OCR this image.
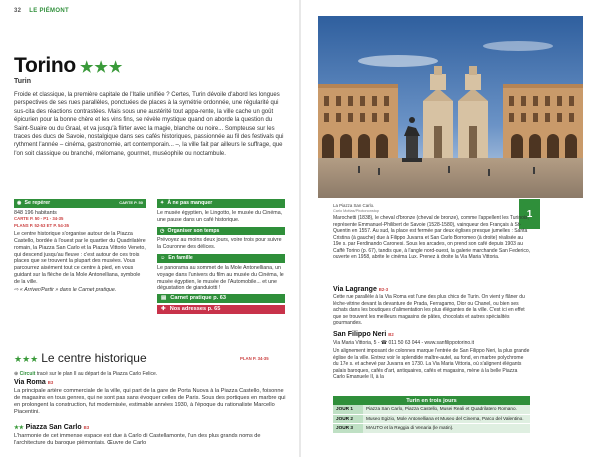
32 LE PIÉMONT
Torino ★★★
Turin
Froide et classique, la première capitale de l'Italie unifiée ? Certes, Turin dévoile d'abord les longues perspectives de ses rues parallèles, ponctuées de places à la symétrie ordonnée, une régularité qui sus-cita des réactions contrastées. Mais sous une austérité tout appa-rente, la ville cache un goût épicurien pour la bonne chère et les vins fins, se révèle mystique quand on aborde la question du Saint-Suaire ou du Graal, et va jusqu'à flirter avec la magie, blanche ou noire... Sompteuse sur les traces des ducs de Savoie, nostalgique dans ses cafés historiques, passionnée au fil des festivals qui rythment l'année – cinéma, gastronomie, art contemporain... –, la ville fait par ailleurs le suffrage, que l'on soit classique ou branché, mélomane, gourmet, muséophile ou noctambule.
◉ Se repérer	CARTE P. 50
848 196 habitants
CARTE P. 50 - P1 - 34-35
PLANS P. 52-53 ET P. 54-35
Le centre historique s'organise autour de la Piazza Castello, bordée à l'ouest par le quartier du Quadrilatère romain, la Piazza San Carlo et la Piazza Vittorio Veneto, qui descend jusqu'au fleuve : c'est autour de ces trois places que se trouvent la plupart des musées. Vous parcourrez aisément tout ce centre à pied, en vous guidant sur la flèche de la Mole Antonelliana, symbole de la ville.
⇨ « Arriver/Partir » dans le Carnet pratique.
✦ À ne pas manquer
Le musée égyptien, le Lingotto, le musée du Cinéma, une pause dans un café historique.
◷ Organiser son temps
Prévoyez au moins deux jours, voire trois pour suivre la Couronne des délices.
☺ En famille
Le panorama au sommet de la Mole Antonelliana, un voyage dans l'univers du film au musée du Cinéma, le musée égyptien, le musée de l'Automobile... et une dégustation de gianduiotti !
▤ Carnet pratique p. 63
✚ Nos adresses p. 65
★★★ Le centre historique	PLAN P. 34-35
⊕ Circuit tracé sur le plan II au départ de la Piazza Carlo Felice.
Via Roma B3
La principale artère commerciale de la ville, qui part de la gare de Porta Nuova à la Piazza Castello, foisonne de magasins en tous genres, qui ne sont pas sans évoquer celles de Paris. Sous des portiques en marbre qui en prolongent la construction, fut modernisée, estimable années 1930, à l'époque du rationaliste Marcello Piacentini.
★★ Piazza San Carlo B3
L'harmonie de cet immense espace est due à Carlo di Castellamonte, l'un des plus grands noms de l'architecture du baroque piémontais. Œuvre de Carlo
La Piazza San Carlo.
Carlo Mottas/Photononstop	1
Marochetti (1838), le cheval d'bronze (cheval de bronze), comme l'appellent les Turinois, représente Emmanuel-Philibert de Savoie (1528-1580), vainqueur des Français à St-Quentin en 1557. Au sud, la place est fermée par deux églises presque jumelles : Santa Cristina (à gauche) due à Filippo Juvarra et San Carlo Borromeo (à droite) réalisée au 19e s. par Ferdinando Caronesi. Sous les arcades, on prend son café depuis 1903 au Caffè Torino (p. 67), tandis que, à l'angle nord-ouest, la galerie marchande San Federico, ouverte en 1958, abrite le cinéma Lux. Prenez à droite la Via Maria Vittoria.
Via Lagrange B2-3
Cette rue parallèle à la Via Roma est l'une des plus chics de Turin. On vient y flâner du lèche-vitrine devant la devanture de Prada, Ferragamo, Dior ou Chanel, ou bien ses achats dans les boutiques d'alimentation les plus élégantes de la ville. C'est ici en effet que se trouvent les meilleurs magasins de pâtes, chocolats et autres spécialités gourmandes.
San Filippo Neri B2
Via Maria Vittoria, 5 - ☎ 011 50 63 044 - www.sanfilippotorino.it
Un alignement imposant de colonnes marque l'entrée de San Filippo Neri, la plus grande église de la ville. Entrez voir le splendide maître-autel, au fond, en marbre polychrome du 17e s. et achevé par Juvarra en 1730. La Via Maria Vittoria, où s'alignent élégants palais baroques, cafés d'art, antiquaires, cafés et magasins, mène à la belle Piazza Carlo Emanuele II, à la
Turin en trois jours
JOUR 1	Piazza San Carlo, Piazza Castello, Musei Reali et Quadrilatero Romano.
JOUR 2	Museo Egizio, Mole Antonelliana et Museo del Cinema, Parco del Valentino.
JOUR 3	MAUTO et la Reggia di Venaria (le matin).
